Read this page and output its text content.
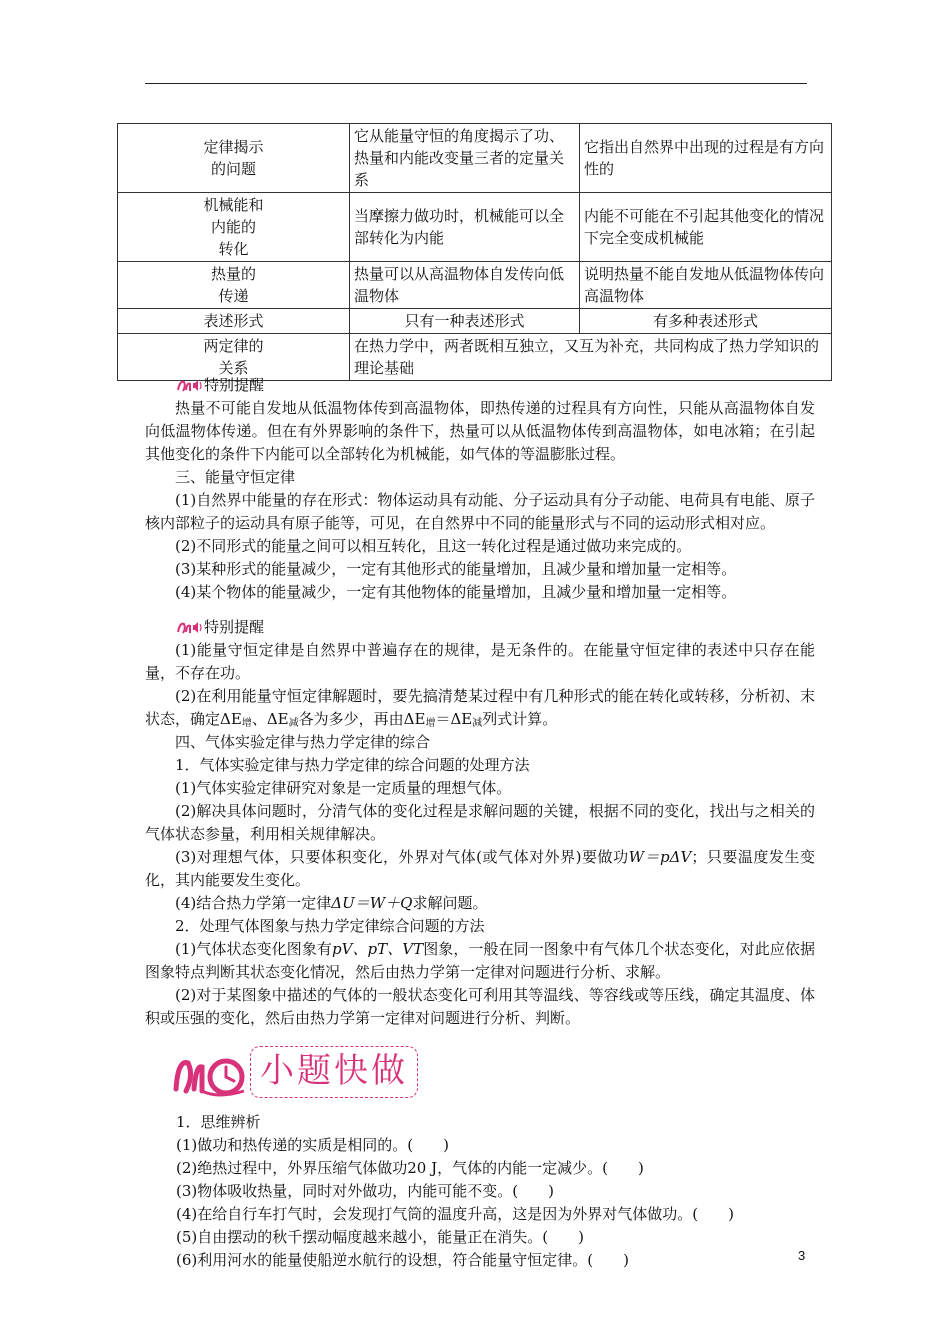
定律揭示
的问题	它从能量守恒的角度揭示了功、热量和内能改变量三者的定量关系	它指出自然界中出现的过程是有方向性的
机械能和
内能的
转化	当摩擦力做功时，机械能可以全部转化为内能	内能不可能在不引起其他变化的情况下完全变成机械能
热量的
传递	热量可以从高温物体自发传向低温物体	说明热量不能自发地从低温物体传向高温物体
表述形式	只有一种表述形式	有多种表述形式
两定律的
关系	在热力学中，两者既相互独立，又互为补充，共同构成了热力学知识的理论基础	
特别提醒

热量不可能自发地从低温物体传到高温物体，即热传递的过程具有方向性，只能从高温物体自发向低温物体传递。但在有外界影响的条件下，热量可以从低温物体传到高温物体，如电冰箱；在引起其他变化的条件下内能可以全部转化为机械能，如气体的等温膨胀过程。

三、能量守恒定律

(1)自然界中能量的存在形式：物体运动具有动能、分子运动具有分子动能、电荷具有电能、原子核内部粒子的运动具有原子能等，可见，在自然界中不同的能量形式与不同的运动形式相对应。

(2)不同形式的能量之间可以相互转化，且这一转化过程是通过做功来完成的。

(3)某种形式的能量减少，一定有其他形式的能量增加，且减少量和增加量一定相等。

(4)某个物体的能量减少，一定有其他物体的能量增加，且减少量和增加量一定相等。

特别提醒

(1)能量守恒定律是自然界中普遍存在的规律，是无条件的。在能量守恒定律的表述中只存在能量，不存在功。

(2)在利用能量守恒定律解题时，要先搞清楚某过程中有几种形式的能在转化或转移，分析初、末状态，确定$\Delta E_增$、$\Delta E_减$各为多少，再由$\Delta E_增=\Delta E_减$列式计算。

四、气体实验定律与热力学定律的综合

1．气体实验定律与热力学定律的综合问题的处理方法

(1)气体实验定律研究对象是一定质量的理想气体。

(2)解决具体问题时，分清气体的变化过程是求解问题的关键，根据不同的变化，找出与之相关的气体状态参量，利用相关规律解决。

(3)对理想气体，只要体积变化，外界对气体(或气体对外界)要做功W＝pΔV；只要温度发生变化，其内能要发生变化。

(4)结合热力学第一定律ΔU＝W＋Q求解问题。

2．处理气体图象与热力学定律综合问题的方法

(1)气体状态变化图象有pV、pT、VT图象，一般在同一图象中有气体几个状态变化，对此应依据图象特点判断其状态变化情况，然后由热力学第一定律对问题进行分析、求解。

(2)对于某图象中描述的气体的一般状态变化可利用其等温线、等容线或等压线，确定其温度、体积或压强的变化，然后由热力学第一定律对问题进行分析、判断。

小题快做

1．思维辨析

(1)做功和热传递的实质是相同的。(　　)

(2)绝热过程中，外界压缩气体做功20 J，气体的内能一定减少。(　　)

(3)物体吸收热量，同时对外做功，内能可能不变。(　　)

(4)在给自行车打气时，会发现打气筒的温度升高，这是因为外界对气体做功。(　　)

(5)自由摆动的秋千摆动幅度越来越小，能量正在消失。(　　)

(6)利用河水的能量使船逆水航行的设想，符合能量守恒定律。(　　)	3
